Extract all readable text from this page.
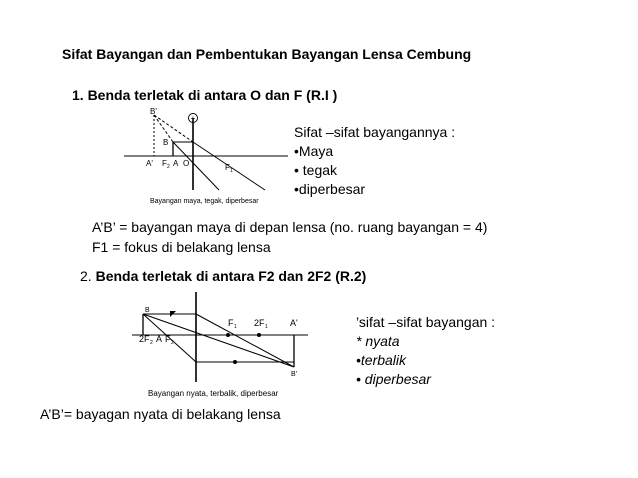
Sifat Bayangan dan Pembentukan Bayangan Lensa Cembung
1. Benda terletak di antara O dan F (R.I )
+
B'
B
A' F 2 A O	F 1
Bayangan maya, tegak, diperbesar
Sifat –sifat bayangannya :
•Maya
• tegak
•diperbesar
A’B’ = bayangan maya di depan lensa (no. ruang bayangan = 4)
F1 = fokus di belakang lensa
2. Benda terletak di antara F2 dan 2F2 (R.2)
B
2F 2 A F 2
F 1 2F 1 A'
B'
Bayangan nyata, terbalik, diperbesar
’sifat –sifat bayangan :
* nyata
•terbalik
• diperbesar
A’B’= bayagan nyata di belakang lensa
